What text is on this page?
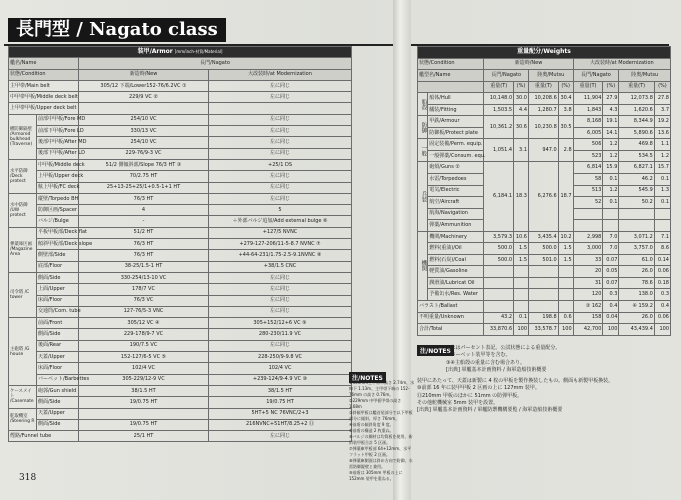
長門型 / Nagato class
装甲/Armor [mm/inch-材質/Material]			
艦名/Name		長門/Nagato	
状態/Condition		新造時/New	大改装時/at Modernization
主甲帯/Main belt		305/12 下端/Lower152-76/6.2VC ①	左に同じ
中甲帯甲板/Middle deck belt		229/9 VC ②	左に同じ
上甲帯甲板/Upper deck belt			
横防御隔壁 /Armored bulkhead (Traverse)	前部中甲板/Fore MD	254/10 VC	左に同じ
	前部下甲板/Fore LD	330/13 VC	左に同じ
	後部中甲板/After MD	254/10 VC	左に同じ
	後部下甲板/After LD	229-76/9-3 VC	左に同じ
水平防御 /Deck protect	中甲板/Middle deck	51/2 側傾斜部/Slope 76/3 HT ③	+25/1 DS
	上甲板/Upper deck	70/2.75 HT	左に同じ
	舷上甲板/FC deck	25+13-25+25/1+0.5-1+1 HT	左に同じ
水中防御 /UW protect	縦壁/Torpedo BH	76/3 HT	左に同じ
	防御区画/Spacer	4	5
	バルジ/Bulge	-	＋外部バルジ追加/Add external bulge ⑥
弾薬庫区画 /Magazine Area	平板甲板部/Deck flat	51/2 HT	+127/5 NVNC
	傾斜甲板部/Deck slope	76/3 HT	+279-127-206/11-5-8.7 NVNC ⑦
	側壁部/Side	76/3 HT	+44-64-231/1.75-2.5-9.1NVNC ⑧
	底部/Floor	38-25/1.5-1 HT	+38/1.5 CNC
司令塔 /C tower	側面/Side	330-254/13-10 VC	左に同じ
	上面/Upper	178/7 VC	左に同じ
	床面/Floor	76/3 VC	左に同じ
	交通筒/Com. tube	127-76/5-3 VNC	左に同じ
主砲塔 /G house	前面/Front	305/12 VC ④	305+152/12+6 VC ⑨
	側面/Side	229-178/9-7 VC	280-230/11.9 VC
	後面/Rear	190/7.5 VC	左に同じ
	天蓋/Upper	152-127/6-5 VC ⑤	228-250/9-9.8 VC
	床面/Floor	102/4 VC	102/4 VC
	バーベット/Barbettes	305-229/12-9 VC	+239-124/9-4.9 VC ⑩
ケースメイト /Casemate	砲郭/Gun shield	38/1.5 HT	38/1.5 HT
	側面/Side	19/0.75 HT	19/0.75 HT
舵取機室 /Steering R	天蓋/Upper		5HT+5 NC 76VNC/2+3
	側面/Side	19/0.75 HT	216NVNC+51HT/8.25+2 ⑪
煙路/Funnel tube		25/1 HT	左に同じ
注/NOTES
①305mm主甲帯の高さ 2.74m、水線下 1.13m、主甲帯下端の 152-76mm の高さ 0.76m。
②229mm 中甲板甲帯の高さ 1.68m
③斜傾甲板は艦首尾部分で以下甲板部分に傾斜、厚さ 76mm。
④前盾の傾斜角度 9 度。
⑤前盾の構造 2 枚重ね。
⑥バルジの鋼材は均質板を使用、新旧装甲板合計 5 区画。
⑦弾薬庫甲板部 64+12mm、水平フラット甲板 2 区画。
⑧弾薬庫側面は斜め方向で防御、水雷防御縦壁と兼用。
⑨前盾は 305mm 甲板の上に 152mm 装甲を重ねる。
重量配分/Weights									
状態/Condition		新造時/New				大改装時/at Modernization			
艦型名/Name		長門/Nagato		陸奥/Mutsu		長門/Nagato		陸奥/Mutsu	
		重量(T)	(%)	重量(T)	(%)	重量(T)	(%)	重量(T)	(%)
船殻	船体/Hull	10,148.0	30.0	10,208.6	30.4	11,904	27.9	12,073.8	27.8
	艤装/Fitting	1,503.5	4.4	1,280.7	3.8	1,843	4.3	1,620.6	3.7
防御	甲鉄/Armour	10,361.2	30.6	10,230.8	30.5	8,168	19.1	8,344.9	19.2
	防御板/Protect plate					6,005	14.1	5,890.6	13.6
一般	固定装備/Perm. equip.	1,051.4	3.1	947.0	2.8	506	1.2	469.8	1.1
	一般弾薬/Consum. equ.					523	1.2	534.5	1.2
兵装	砲熕/Guns ②	6,184.1	18.3	6,276.6	18.7	6,814	15.9	6,827.1	15.7
	水雷/Torpedoes					58	0.1	46.2	0.1
	電気/Electric					513	1.2	545.9	1.3
	航空/Aircraft					52	0.1	50.2	0.1
	航海/Navigation								
	弾薬/Ammunition								
機関	機関/Machinery	3,579.3	10.6	3,435.4	10.2	2,998	7.0	3,071.2	7.1
	燃料(重油)/Oil	500.0	1.5	500.0	1.5	3,000	7.0	3,757.0	8.6
	燃料(石炭)/Coal	500.0	1.5	501.0	1.5	33	0.07	61.0	0.14
	軽質油/Gasoline					20	0.05	26.0	0.06
	潤滑油/Lubricat Oil					31	0.07	78.6	0.18
	予備缶水/Res. Water					120	0.3	138.0	0.3
バラスト/Ballast						③ 162	0.4	④ 159.2	0.4
不明重量/Unknown		43.2	0.1	198.8	0.6	158	0.04	26.0	0.06
合計/Total		33,870.6	100	33,578.7	100	42,700	100	43,439.4	100
注/NOTES
①水はパーセント表記。公試状態による重量配分。
②バーベット装甲等を含む。
③④主船殻の重量に含む場合あり。
[出典] 軍艦基本計画資料 / 海軍造船技術概要
装甲にあたって、天蓋は新製に 4 枚の甲板を製作換装したもの。側面も新製甲板換装。
⑩前部 16 年に装甲甲板 2 区画の上に 127mm 装甲。
⑪210mm 甲板のほかに 51mm の防弾甲板。
その他舵機械室 5mm 装甲を設置。
[出典] 軍艦基本計画資料 / 軍艦防禦機構要覧 / 海軍造船技術概要
318
